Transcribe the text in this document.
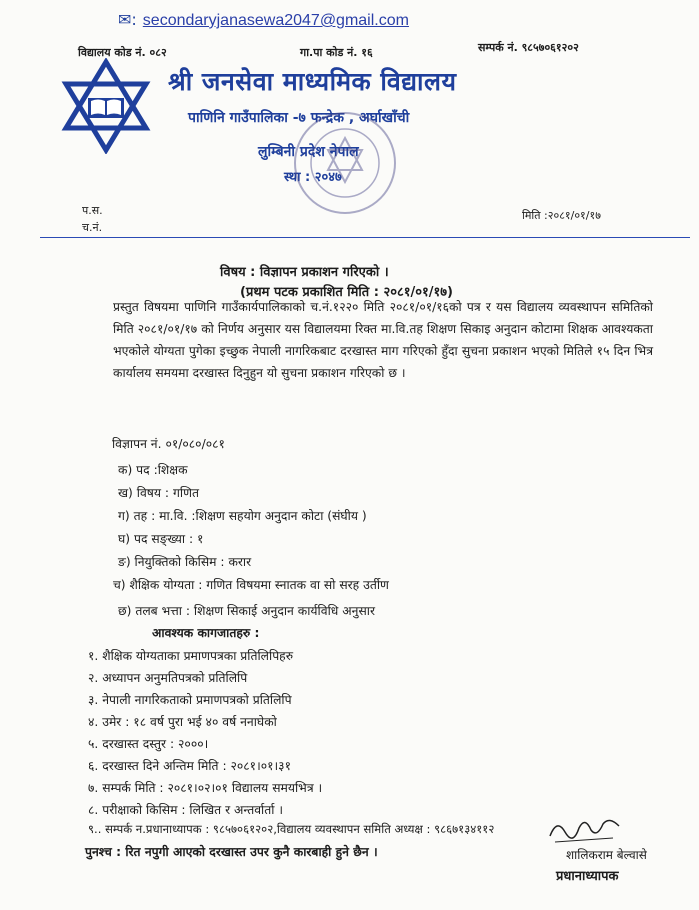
✉: secondaryjanasewa2047@gmail.com
विद्यालय कोड नं. ०८२	गा.पा कोड नं. १६	सम्पर्क नं. ९८५७०६१२०२
श्री जनसेवा माध्यमिक विद्यालय
पाणिनि गाउँपालिका -७ फन्द्रेक , अर्घाखाँची
लुम्बिनी प्रदेश नेपाल
स्था : २०४७
प.स.
च.नं.
मिति :२०८१/०१/१७
विषय : विज्ञापन प्रकाशन गरिएको ।
(प्रथम पटक प्रकाशित मिति : २०८१/०१/१७)
प्रस्तुत विषयमा पाणिनि गाउँकार्यपालिकाको च.नं.१२२० मिति २०८१/०१/१६को पत्र र यस विद्यालय व्यवस्थापन समितिको मिति २०८१/०१/१७ को निर्णय अनुसार यस विद्यालयमा रिक्त मा.वि.तह शिक्षण सिकाइ अनुदान कोटामा शिक्षक आवश्यकता भएकोले योग्यता पुगेका इच्छुक नेपाली नागरिकबाट दरखास्त माग गरिएको हुँदा सुचना प्रकाशन भएको मितिले १५ दिन भित्र कार्यालय समयमा दरखास्त दिनुहुन यो सुचना प्रकाशन गरिएको छ ।
विज्ञापन नं. ०१/०८०/०८१
क) पद :शिक्षक
ख) विषय : गणित
ग) तह : मा.वि. :शिक्षण सहयोग अनुदान कोटा (संघीय )
घ) पद सङ्ख्या : १
ङ) नियुक्तिको किसिम : करार
च) शैक्षिक योग्यता : गणित विषयमा स्नातक वा सो सरह उर्तीण
छ) तलब भत्ता : शिक्षण सिकाई अनुदान कार्यविधि अनुसार
आवश्यक कागजातहरु :
१. शैक्षिक योग्यताका प्रमाणपत्रका प्रतिलिपिहरु
२. अध्यापन अनुमतिपत्रको प्रतिलिपि
३. नेपाली नागरिकताको प्रमाणपत्रको प्रतिलिपि
४. उमेर : १८ वर्ष पुरा भई ४० वर्ष ननाघेको
५. दरखास्त दस्तुर : २०००।
६. दरखास्त दिने अन्तिम मिति : २०८१।०१।३१
७. सम्पर्क मिति : २०८१।०२।०१ विद्यालय समयभित्र ।
८. परीक्षाको किसिम : लिखित र अन्तर्वार्ता ।
९.. सम्पर्क न.प्रधानाध्यापक : ९८५७०६१२०२,विद्यालय व्यवस्थापन समिति अध्यक्ष : ९८६७१३४११२
पुनश्च : रित नपुगी आएको दरखास्त उपर कुनै कारबाही हुने छैन ।	शालिकराम बेल्वासे
प्रधानाध्यापक
